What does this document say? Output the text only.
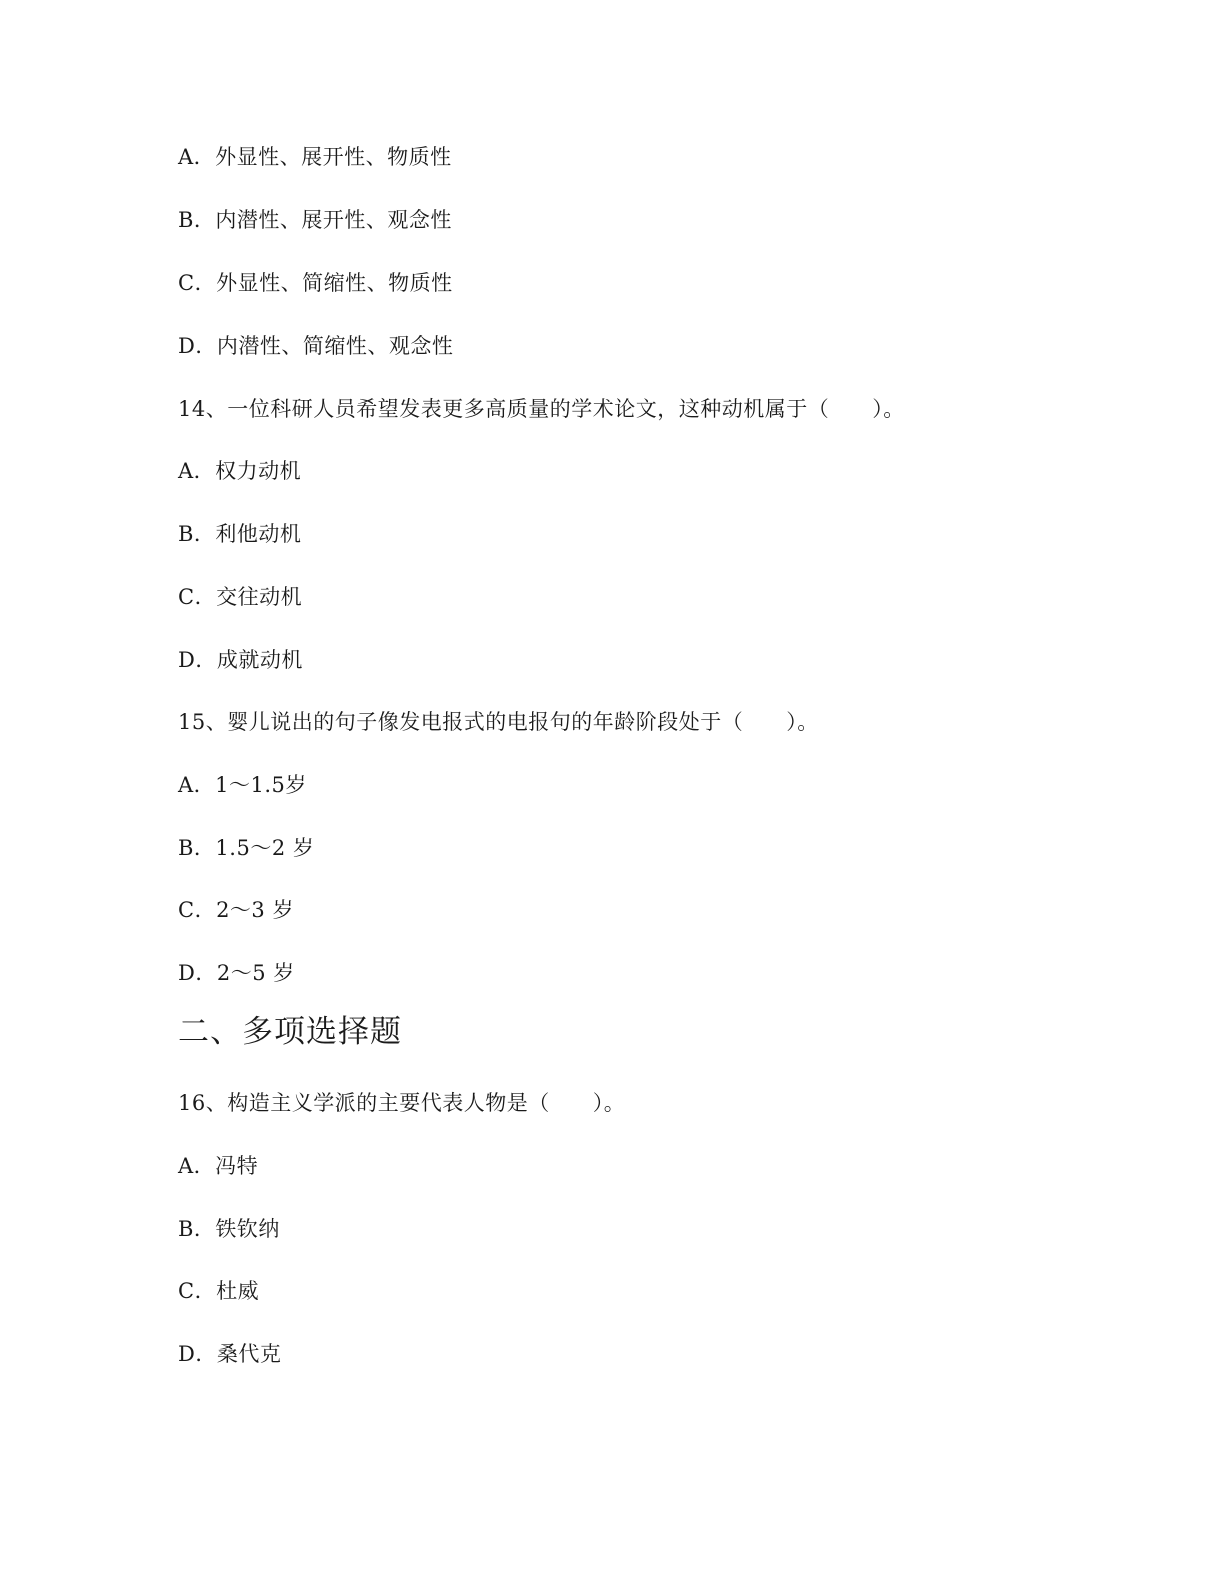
A．外显性、展开性、物质性
B．内潜性、展开性、观念性
C．外显性、简缩性、物质性
D．内潜性、简缩性、观念性
14、一位科研人员希望发表更多高质量的学术论文，这种动机属于（　　）。
A．权力动机
B．利他动机
C．交往动机
D．成就动机
15、婴儿说出的句子像发电报式的电报句的年龄阶段处于（　　）。
A．1～1.5岁
B．1.5～2 岁
C．2～3 岁
D．2～5 岁
二、多项选择题
16、构造主义学派的主要代表人物是（　　）。
A．冯特
B．铁钦纳
C．杜威
D．桑代克
